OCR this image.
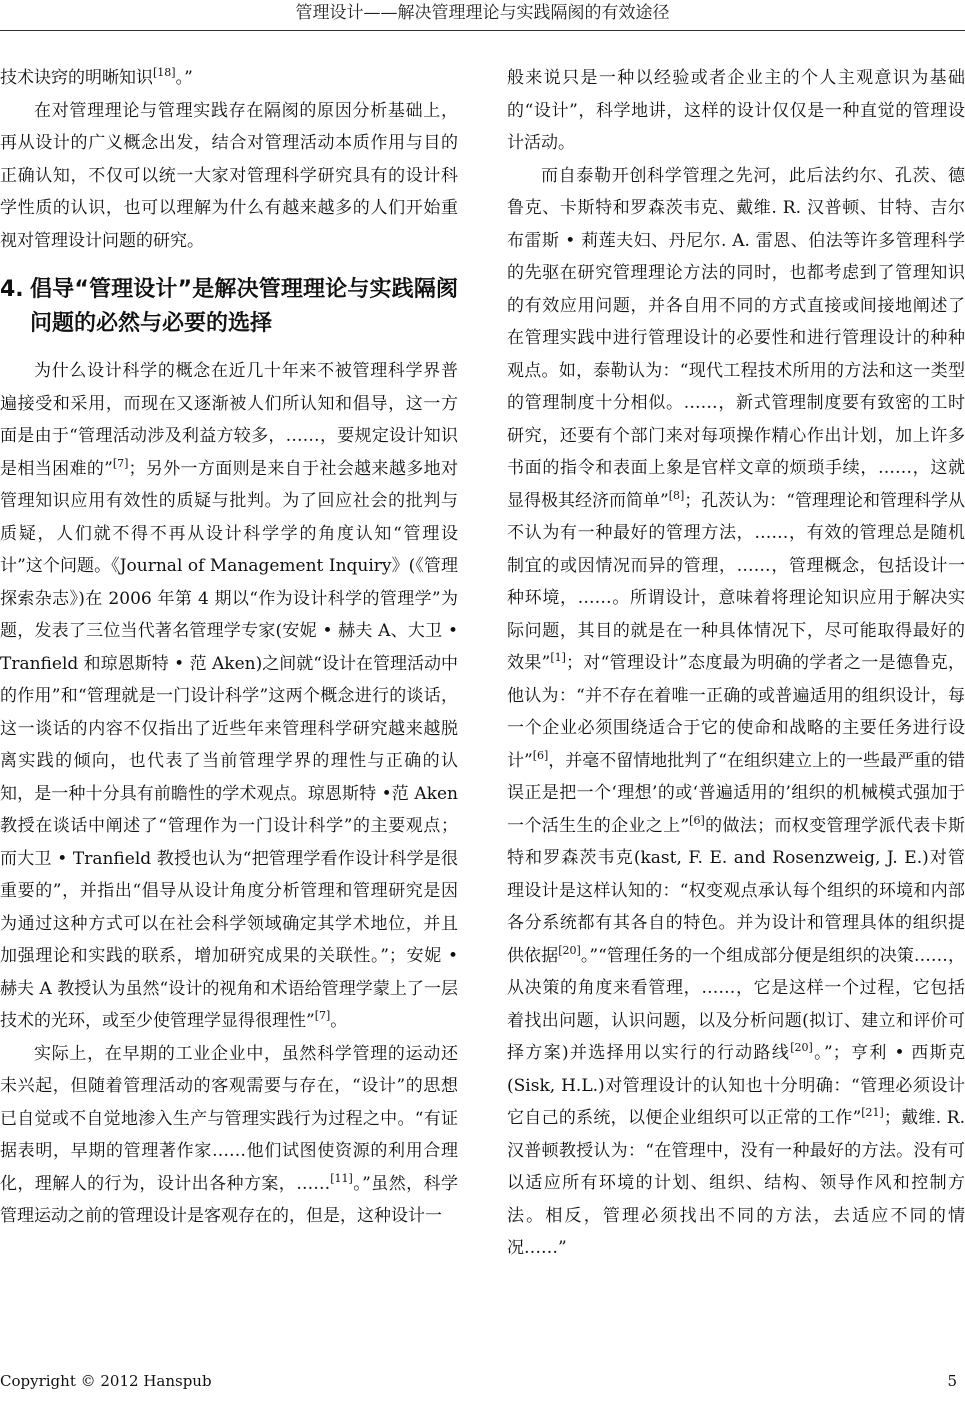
管理设计——解决管理理论与实践隔阂的有效途径

技术诀窍的明晰知识[18]。”

在对管理理论与管理实践存在隔阂的原因分析基础上，再从设计的广义概念出发，结合对管理活动本质作用与目的正确认知，不仅可以统一大家对管理科学研究具有的设计科学性质的认识，也可以理解为什么有越来越多的人们开始重视对管理设计问题的研究。

4. 倡导“管理设计”是解决管理理论与实践隔阂问题的必然与必要的选择

为什么设计科学的概念在近几十年来不被管理科学界普遍接受和采用，而现在又逐渐被人们所认知和倡导，这一方面是由于“管理活动涉及利益方较多，……，要规定设计知识是相当困难的”[7]；另外一方面则是来自于社会越来越多地对管理知识应用有效性的质疑与批判。为了回应社会的批判与质疑，人们就不得不再从设计科学学的角度认知“管理设计”这个问题。《Journal of Management Inquiry》(《管理探索杂志》)在 2006 年第 4 期以“作为设计科学的管理学”为题，发表了三位当代著名管理学专家(安妮 • 赫夫 A、大卫 • Tranfield 和琼恩斯特 • 范 Aken)之间就“设计在管理活动中的作用”和“管理就是一门设计科学”这两个概念进行的谈话，这一谈话的内容不仅指出了近些年来管理科学研究越来越脱离实践的倾向，也代表了当前管理学界的理性与正确的认知，是一种十分具有前瞻性的学术观点。琼恩斯特 •范 Aken 教授在谈话中阐述了“管理作为一门设计科学”的主要观点；而大卫 • Tranfield 教授也认为“把管理学看作设计科学是很重要的”，并指出“倡导从设计角度分析管理和管理研究是因为通过这种方式可以在社会科学领域确定其学术地位，并且加强理论和实践的联系，增加研究成果的关联性。”；安妮 • 赫夫 A 教授认为虽然“设计的视角和术语给管理学蒙上了一层技术的光环，或至少使管理学显得很理性”[7]。

实际上，在早期的工业企业中，虽然科学管理的运动还未兴起，但随着管理活动的客观需要与存在，“设计”的思想已自觉或不自觉地渗入生产与管理实践行为过程之中。“有证据表明，早期的管理著作家……他们试图使资源的利用合理化，理解人的行为，设计出各种方案，……[11]。”虽然，科学管理运动之前的管理设计是客观存在的，但是，这种设计一

般来说只是一种以经验或者企业主的个人主观意识为基础的“设计”，科学地讲，这样的设计仅仅是一种直觉的管理设计活动。

而自泰勒开创科学管理之先河，此后法约尔、孔茨、德鲁克、卡斯特和罗森茨韦克、戴维. R. 汉普顿、甘特、吉尔布雷斯 • 莉莲夫妇、丹尼尔. A. 雷恩、伯法等许多管理科学的先驱在研究管理理论方法的同时，也都考虑到了管理知识的有效应用问题，并各自用不同的方式直接或间接地阐述了在管理实践中进行管理设计的必要性和进行管理设计的种种观点。如，泰勒认为：“现代工程技术所用的方法和这一类型的管理制度十分相似。……，新式管理制度要有致密的工时研究，还要有个部门来对每项操作精心作出计划，加上许多书面的指令和表面上象是官样文章的烦琐手续，……，这就显得极其经济而简单”[8]；孔茨认为：“管理理论和管理科学从不认为有一种最好的管理方法，……，有效的管理总是随机制宜的或因情况而异的管理，……，管理概念，包括设计一种环境，……。所谓设计，意味着将理论知识应用于解决实际问题，其目的就是在一种具体情况下，尽可能取得最好的效果”[1]；对“管理设计”态度最为明确的学者之一是德鲁克，他认为：“并不存在着唯一正确的或普遍适用的组织设计，每一个企业必须围绕适合于它的使命和战略的主要任务进行设计”[6]，并毫不留情地批判了“在组织建立上的一些最严重的错误正是把一个‘理想’的或‘普遍适用的’组织的机械模式强加于一个活生生的企业之上”[6]的做法；而权变管理学派代表卡斯特和罗森茨韦克(kast, F. E. and Rosenzweig, J. E.)对管理设计是这样认知的：“权变观点承认每个组织的环境和内部各分系统都有其各自的特色。并为设计和管理具体的组织提供依据[20]。”“管理任务的一个组成部分便是组织的决策……，从决策的角度来看管理，……，它是这样一个过程，它包括着找出问题，认识问题，以及分析问题(拟订、建立和评价可择方案)并选择用以实行的行动路线[20]。”；亨利 • 西斯克(Sisk, H.L.)对管理设计的认知也十分明确：“管理必须设计它自己的系统，以便企业组织可以正常的工作”[21]；戴维. R. 汉普顿教授认为：“在管理中，没有一种最好的方法。没有可以适应所有环境的计划、组织、结构、领导作风和控制方法。相反，管理必须找出不同的方法，去适应不同的情况……”

Copyright © 2012 Hanspub	5
